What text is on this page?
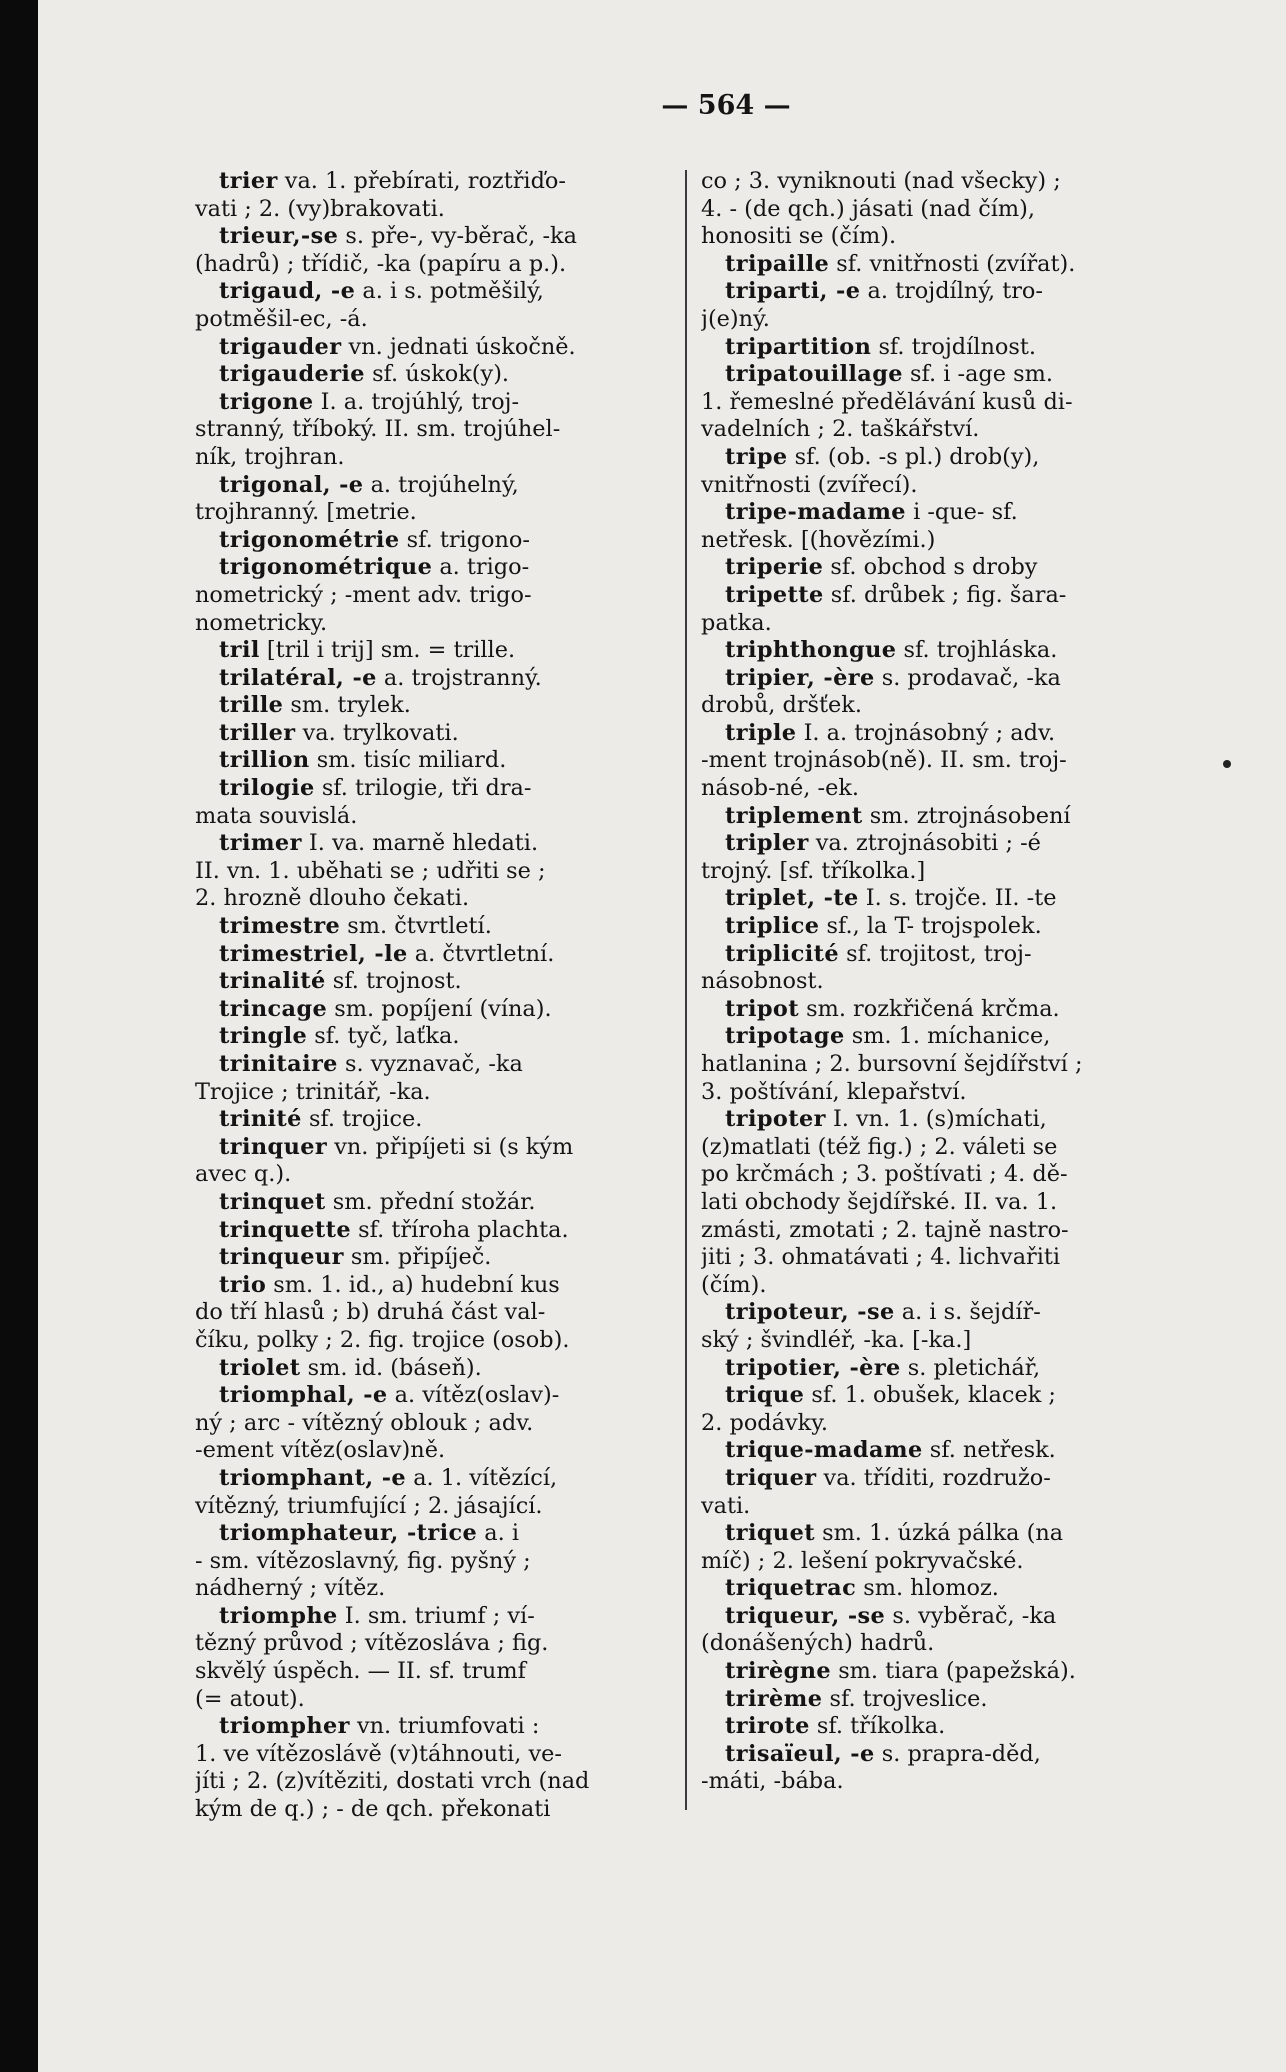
— 564 —
trier va. 1. přebírati, roztřiďo-
vati ; 2. (vy)brakovati.
trieur,-se s. pře-, vy-běrač, -ka
(hadrů) ; třídič, -ka (papíru a p.).
trigaud, -e a. i s. potměšilý,
potměšil-ec, -á.
trigauder vn. jednati úskočně.
trigauderie sf. úskok(y).
trigone I. a. trojúhlý, troj-
stranný, tříboký. II. sm. trojúhel-
ník, trojhran.
trigonal, -e a. trojúhelný,
trojhranný. [metrie.
trigonométrie sf. trigono-
trigonométrique a. trigo-
nometrický ; -ment adv. trigo-
nometricky.
tril [tril i trij] sm. = trille.
trilatéral, -e a. trojstranný.
trille sm. trylek.
triller va. trylkovati.
trillion sm. tisíc miliard.
trilogie sf. trilogie, tři dra-
mata souvislá.
trimer I. va. marně hledati.
II. vn. 1. uběhati se ; udřiti se ;
2. hrozně dlouho čekati.
trimestre sm. čtvrtletí.
trimestriel, -le a. čtvrtletní.
trinalité sf. trojnost.
trincage sm. popíjení (vína).
tringle sf. tyč, laťka.
trinitaire s. vyznavač, -ka
Trojice ; trinitář, -ka.
trinité sf. trojice.
trinquer vn. připíjeti si (s kým
avec q.).
trinquet sm. přední stožár.
trinquette sf. tříroha plachta.
trinqueur sm. připíječ.
trio sm. 1. id., a) hudební kus
do tří hlasů ; b) druhá část val-
číku, polky ; 2. fig. trojice (osob).
triolet sm. id. (báseň).
triomphal, -e a. vítěz(oslav)-
ný ; arc - vítězný oblouk ; adv.
-ement vítěz(oslav)ně.
triomphant, -e a. 1. vítězící,
vítězný, triumfující ; 2. jásající.
triomphateur, -trice a. i
- sm. vítězoslavný, fig. pyšný ;
nádherný ; vítěz.
triomphe I. sm. triumf ; ví-
tězný průvod ; vítězosláva ; fig.
skvělý úspěch. — II. sf. trumf
(= atout).
triompher vn. triumfovati :
1. ve vítězoslávě (v)táhnouti, ve-
jíti ; 2. (z)vítěziti, dostati vrch (nad
kým de q.) ; - de qch. překonati
co ; 3. vyniknouti (nad všecky) ;
4. - (de qch.) jásati (nad čím),
honositi se (čím).
tripaille sf. vnitřnosti (zvířat).
triparti, -e a. trojdílný, tro-
j(e)ný.
tripartition sf. trojdílnost.
tripatouillage sf. i -age sm.
1. řemeslné předělávání kusů di-
vadelních ; 2. taškářství.
tripe sf. (ob. -s pl.) drob(y),
vnitřnosti (zvířecí).
tripe-madame i -que- sf.
netřesk. [(hovězími.)
triperie sf. obchod s droby
tripette sf. drůbek ; fig. šara-
patka.
triphthongue sf. trojhláska.
tripier, -ère s. prodavač, -ka
drobů, dršťek.
triple I. a. trojnásobný ; adv.
-ment trojnásob(ně). II. sm. troj-
násob-né, -ek.
triplement sm. ztrojnásobení
tripler va. ztrojnásobiti ; -é
trojný. [sf. tříkolka.]
triplet, -te I. s. trojče. II. -te
triplice sf., la T- trojspolek.
triplicité sf. trojitost, troj-
násobnost.
tripot sm. rozkřičená krčma.
tripotage sm. 1. míchanice,
hatlanina ; 2. bursovní šejdířství ;
3. poštívání, klepařství.
tripoter I. vn. 1. (s)míchati,
(z)matlati (též fig.) ; 2. váleti se
po krčmách ; 3. poštívati ; 4. dě-
lati obchody šejdířské. II. va. 1.
zmásti, zmotati ; 2. tajně nastro-
jiti ; 3. ohmatávati ; 4. lichvařiti
(čím).
tripoteur, -se a. i s. šejdíř-
ský ; švindléř, -ka. [-ka.]
tripotier, -ère s. pletichář,
trique sf. 1. obušek, klacek ;
2. podávky.
trique-madame sf. netřesk.
triquer va. tříditi, rozdružo-
vati.
triquet sm. 1. úzká pálka (na
míč) ; 2. lešení pokryvačské.
triquetrac sm. hlomoz.
triqueur, -se s. vyběrač, -ka
(donášených) hadrů.
trirègne sm. tiara (papežská).
trirème sf. trojveslice.
trirote sf. tříkolka.
trisaïeul, -e s. prapra-děd,
-máti, -bába.
